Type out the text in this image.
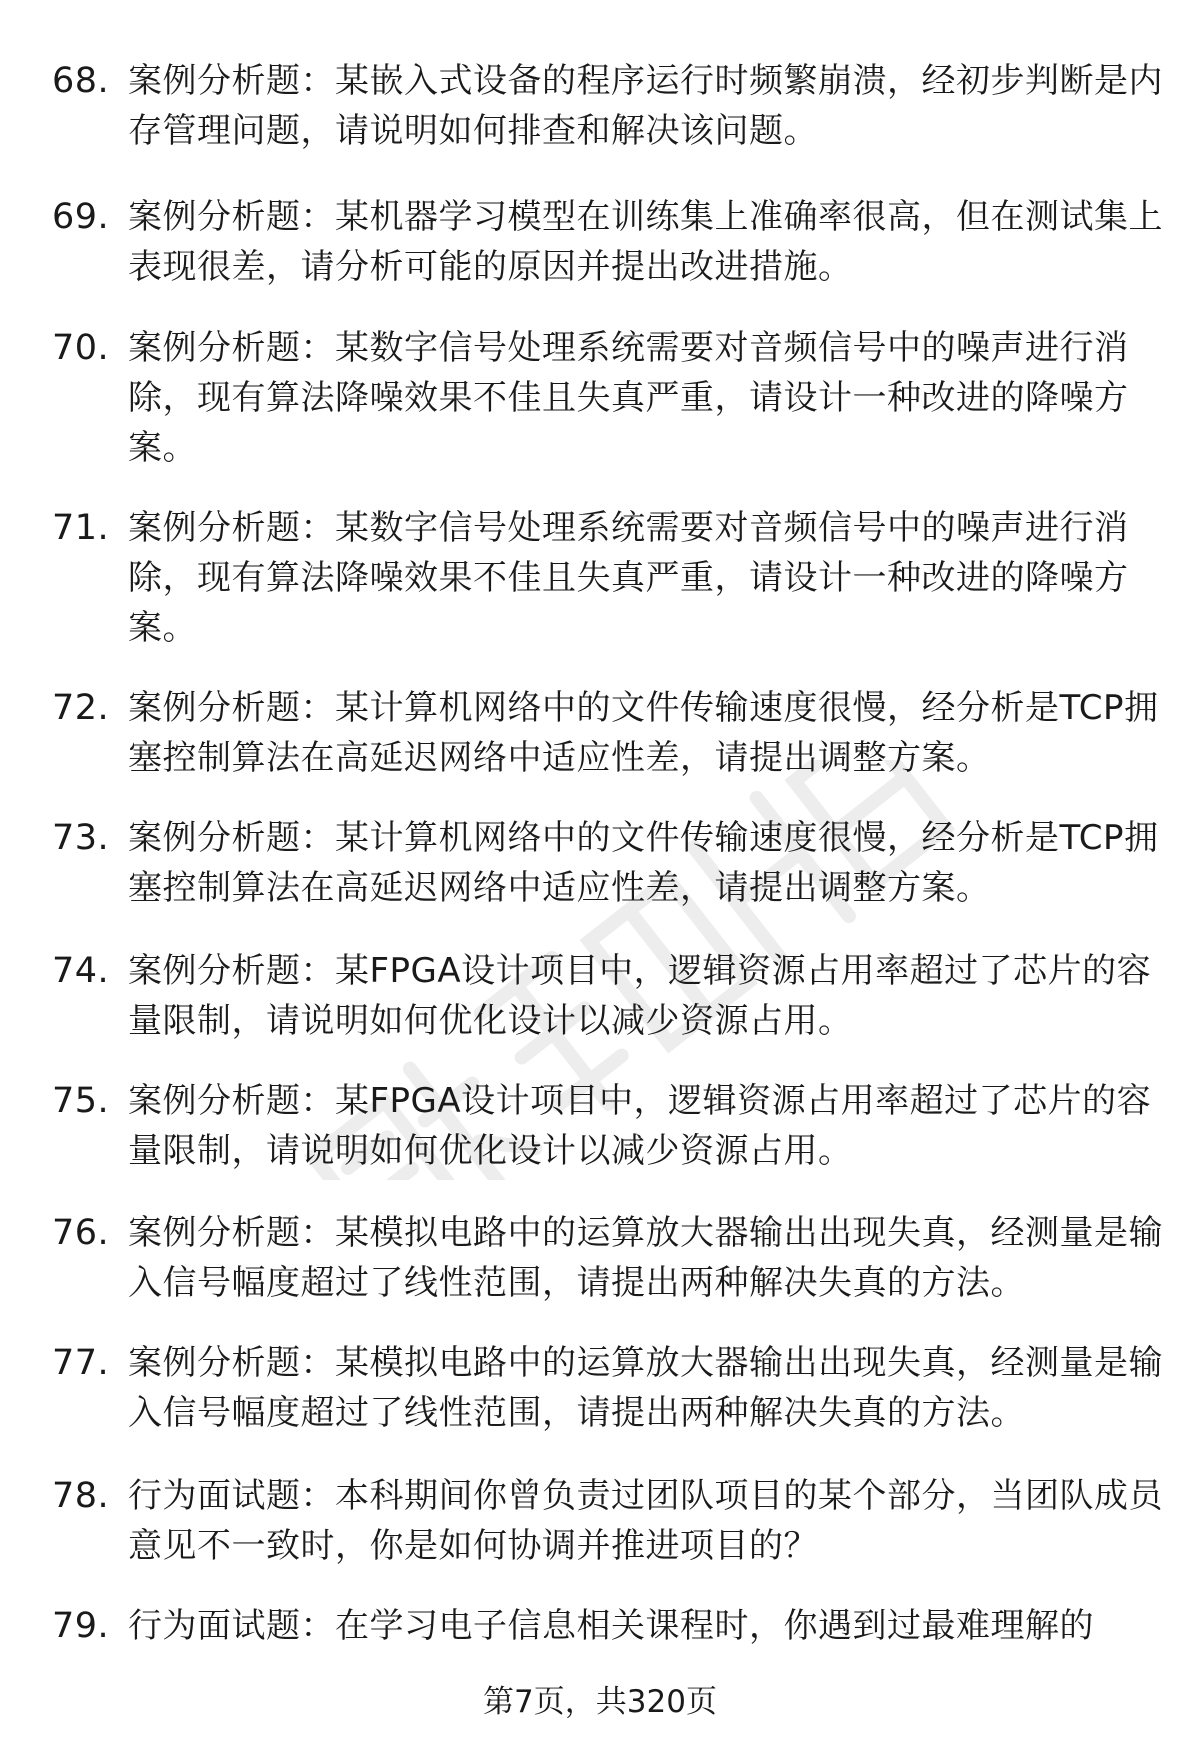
68. 案例分析题：某嵌入式设备的程序运行时频繁崩溃，经初步判断是内存管理问题，请说明如何排查和解决该问题。
69. 案例分析题：某机器学习模型在训练集上准确率很高，但在测试集上表现很差，请分析可能的原因并提出改进措施。
70. 案例分析题：某数字信号处理系统需要对音频信号中的噪声进行消除，现有算法降噪效果不佳且失真严重，请设计一种改进的降噪方案。
71. 案例分析题：某数字信号处理系统需要对音频信号中的噪声进行消除，现有算法降噪效果不佳且失真严重，请设计一种改进的降噪方案。
72. 案例分析题：某计算机网络中的文件传输速度很慢，经分析是TCP拥塞控制算法在高延迟网络中适应性差，请提出调整方案。
73. 案例分析题：某计算机网络中的文件传输速度很慢，经分析是TCP拥塞控制算法在高延迟网络中适应性差，请提出调整方案。
74. 案例分析题：某FPGA设计项目中，逻辑资源占用率超过了芯片的容量限制，请说明如何优化设计以减少资源占用。
75. 案例分析题：某FPGA设计项目中，逻辑资源占用率超过了芯片的容量限制，请说明如何优化设计以减少资源占用。
76. 案例分析题：某模拟电路中的运算放大器输出出现失真，经测量是输入信号幅度超过了线性范围，请提出两种解决失真的方法。
77. 案例分析题：某模拟电路中的运算放大器输出出现失真，经测量是输入信号幅度超过了线性范围，请提出两种解决失真的方法。
78. 行为面试题：本科期间你曾负责过团队项目的某个部分，当团队成员意见不一致时，你是如何协调并推进项目的？
79. 行为面试题：在学习电子信息相关课程时，你遇到过最难理解的
第7页，共320页
